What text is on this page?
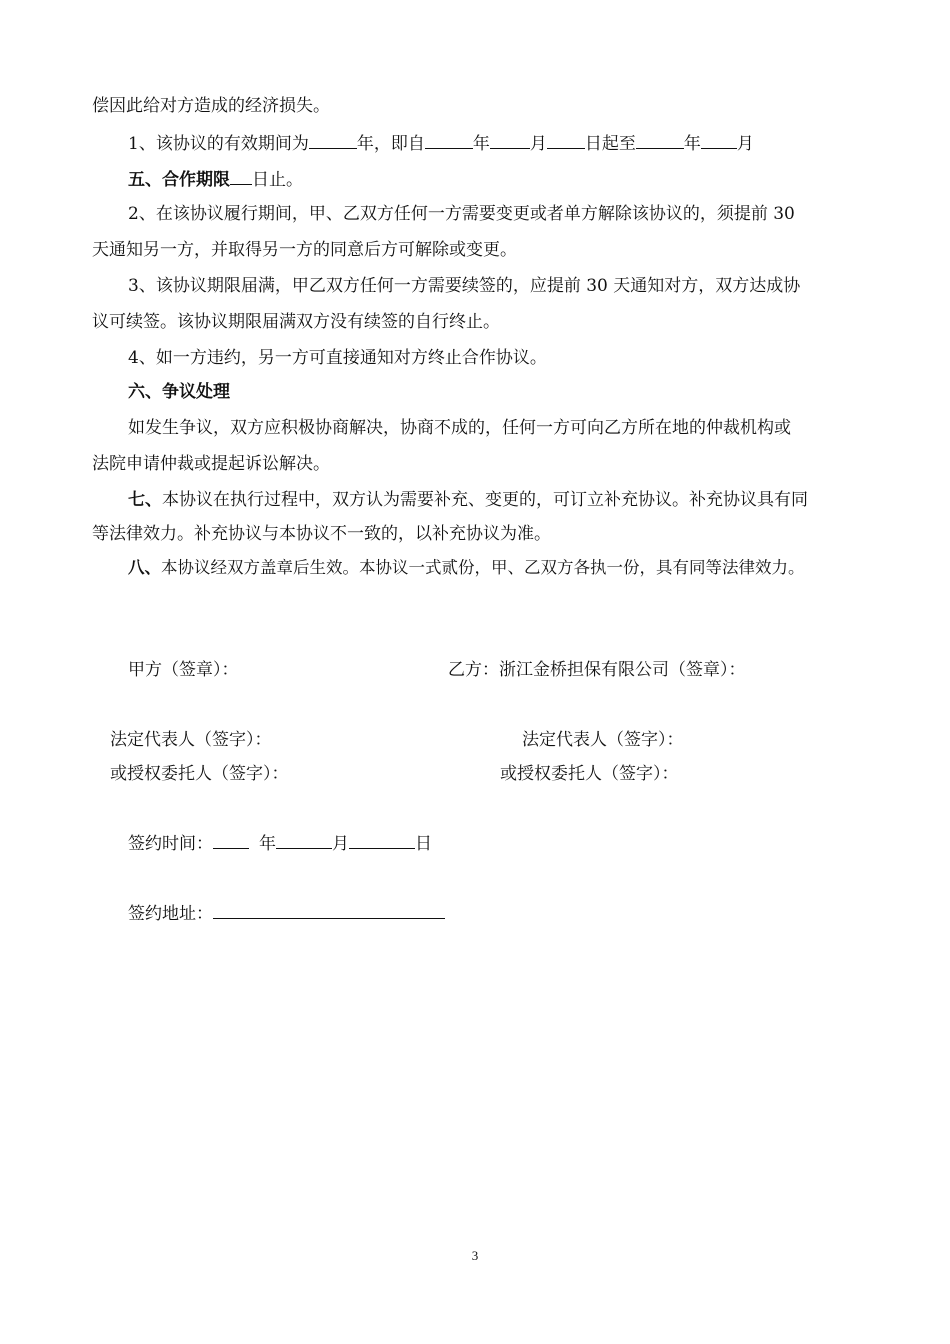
偿因此给对方造成的经济损失。
1、该协议的有效期间为	年，即自	年 月 日起至	年 月
五、合作期限 日止。
2、在该协议履行期间，甲、乙双方任何一方需要变更或者单方解除该协议的，须提前 30
天通知另一方，并取得另一方的同意后方可解除或变更。
3、该协议期限届满，甲乙双方任何一方需要续签的，应提前 30 天通知对方，双方达成协
议可续签。该协议期限届满双方没有续签的自行终止。
4、如一方违约，另一方可直接通知对方终止合作协议。
六、争议处理
如发生争议，双方应积极协商解决，协商不成的，任何一方可向乙方所在地的仲裁机构或
法院申请仲裁或提起诉讼解决。
七、本协议在执行过程中，双方认为需要补充、变更的，可订立补充协议。补充协议具有同
等法律效力。补充协议与本协议不一致的，以补充协议为准。
八、本协议经双方盖章后生效。本协议一式贰份，甲、乙双方各执一份，具有同等法律效力。
甲方（签章）：	乙方：浙江金桥担保有限公司（签章）：
法定代表人（签字）：	法定代表人（签字）：
或授权委托人（签字）：	或授权委托人（签字）：
签约时间：	年	月	日
签约地址：
3
